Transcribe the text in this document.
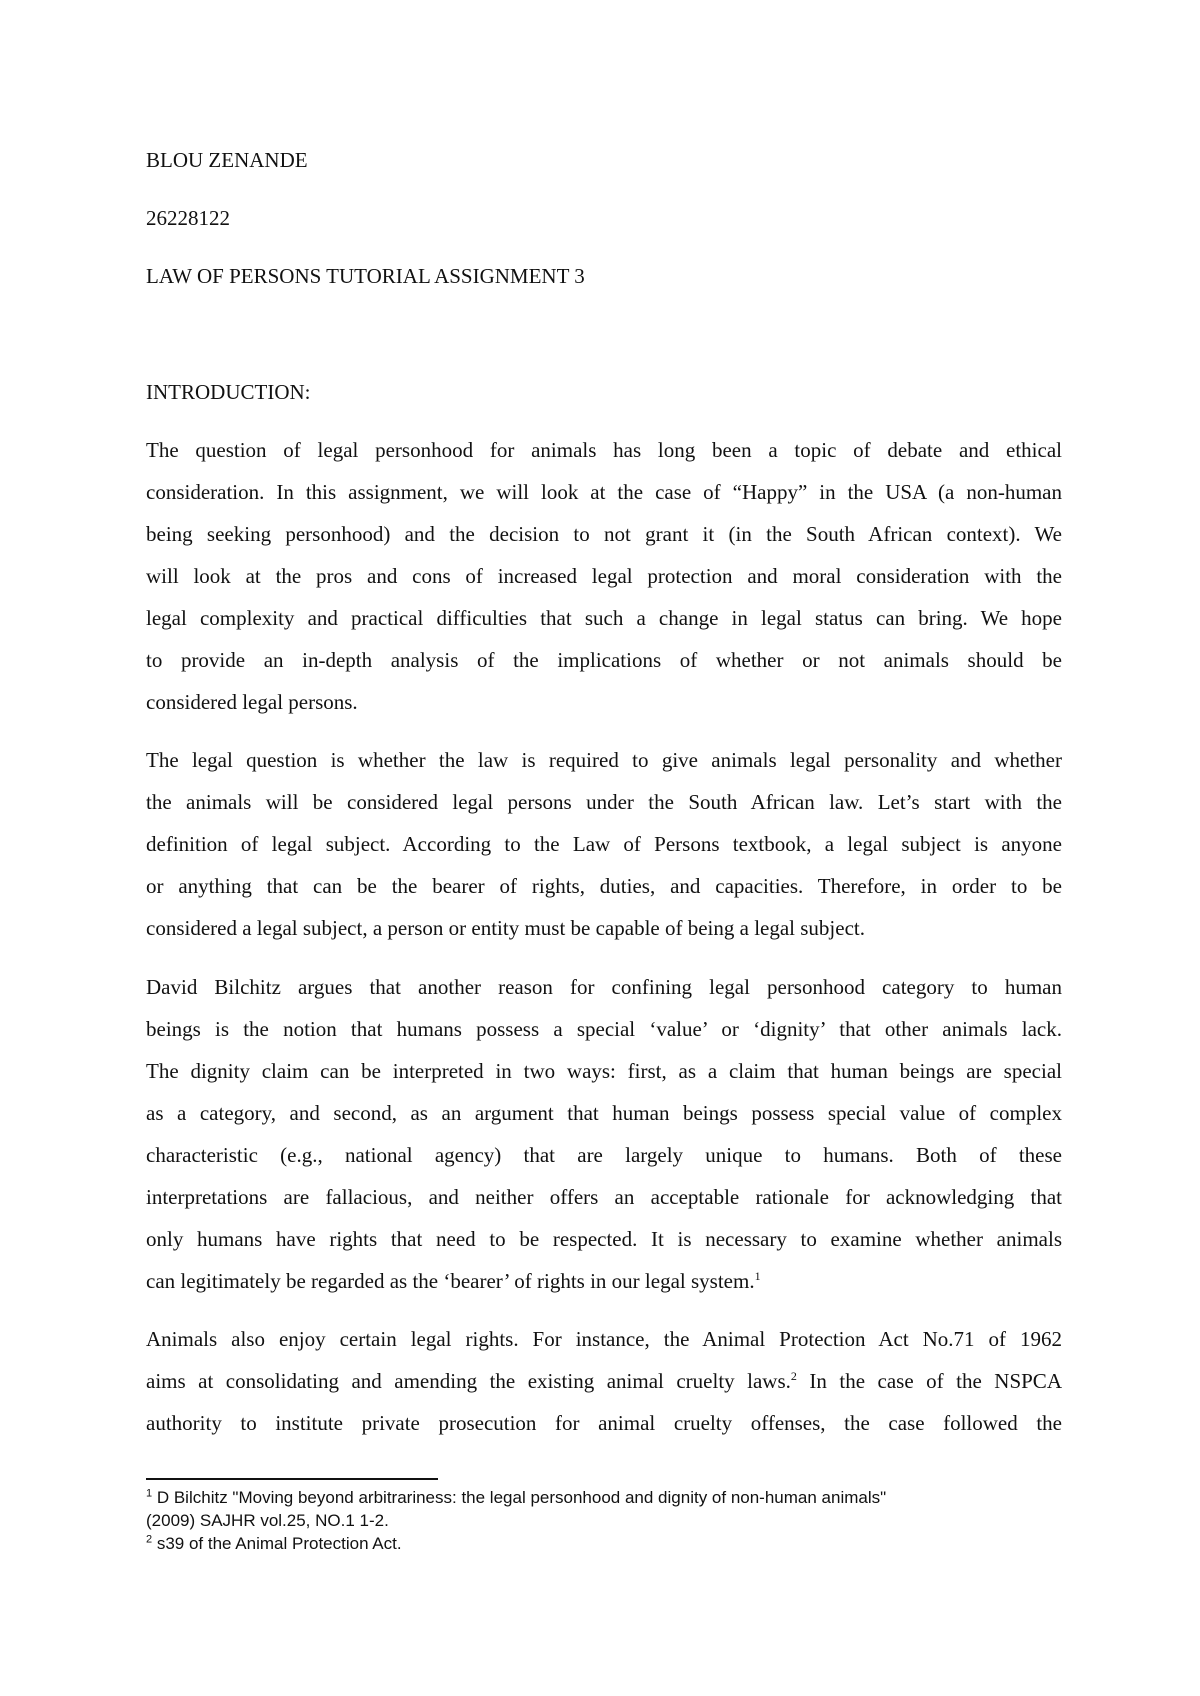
BLOU ZENANDE

26228122

LAW OF PERSONS TUTORIAL ASSIGNMENT 3

INTRODUCTION:

The question of legal personhood for animals has long been a topic of debate and ethical

consideration. In this assignment, we will look at the case of “Happy” in the USA (a non-human

being seeking personhood) and the decision to not grant it (in the South African context). We

will look at the pros and cons of increased legal protection and moral consideration with the

legal complexity and practical difficulties that such a change in legal status can bring. We hope

to provide an in-depth analysis of the implications of whether or not animals should be

considered legal persons.

The legal question is whether the law is required to give animals legal personality and whether

the animals will be considered legal persons under the South African law. Let’s start with the

definition of legal subject. According to the Law of Persons textbook, a legal subject is anyone

or anything that can be the bearer of rights, duties, and capacities. Therefore, in order to be

considered a legal subject, a person or entity must be capable of being a legal subject.

David Bilchitz argues that another reason for confining legal personhood category to human

beings is the notion that humans possess a special ‘value’ or ‘dignity’ that other animals lack.

The dignity claim can be interpreted in two ways: first, as a claim that human beings are special

as a category, and second, as an argument that human beings possess special value of complex

characteristic (e.g., national agency) that are largely unique to humans. Both of these

interpretations are fallacious, and neither offers an acceptable rationale for acknowledging that

only humans have rights that need to be respected. It is necessary to examine whether animals

can legitimately be regarded as the ‘bearer’ of rights in our legal system.$^1$

Animals also enjoy certain legal rights. For instance, the Animal Protection Act No.71 of 1962

aims at consolidating and amending the existing animal cruelty laws.$^2$ In the case of the NSPCA

authority to institute private prosecution for animal cruelty offenses, the case followed the

$^1$ D Bilchitz "Moving beyond arbitrariness: the legal personhood and dignity of non-human animals"

(2009) SAJHR vol.25, NO.1 1-2.

$^2$ s39 of the Animal Protection Act.
